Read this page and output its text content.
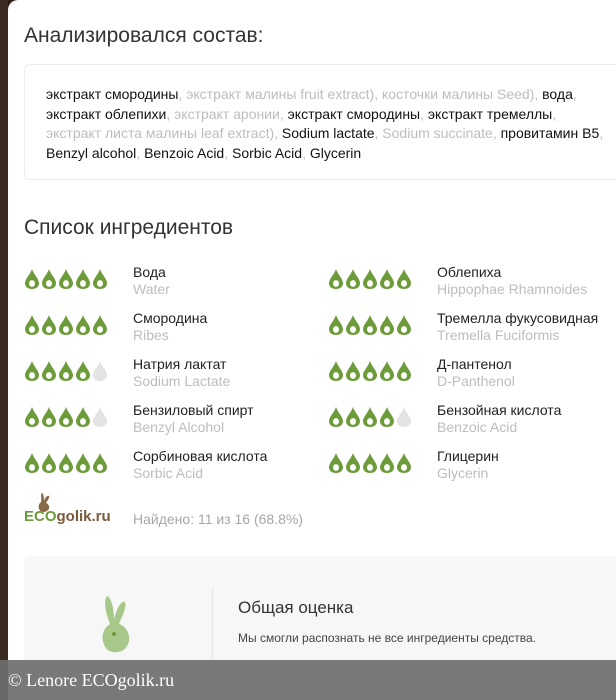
Анализировался состав:
экстракт смородины, экстракт малины fruit extract), косточки малины Seed), вода, экстракт облепихи, экстракт аронии, экстракт смородины, экстракт тремеллы, экстракт листа малины leaf extract), Sodium lactate, Sodium succinate, провитамин B5, Benzyl alcohol, Benzoic Acid, Sorbic Acid, Glycerin
Список ингредиентов
Вода
Water
Облепиха
Hippophae Rhamnoides
Смородина
Ribes
Тремелла фукусовидная
Tremella Fuciformis
Натрия лактат
Sodium Lactate
Д-пантенол
D-Panthenol
Бензиловый спирт
Benzyl Alcohol
Бензойная кислота
Benzoic Acid
Сорбиновая кислота
Sorbic Acid
Глицерин
Glycerin
ECOgolik.ru Найдено: 11 из 16 (68.8%)
Общая оценка
Мы смогли распознать не все ингредиенты средства.
© Lenore ECOgolik.ru
